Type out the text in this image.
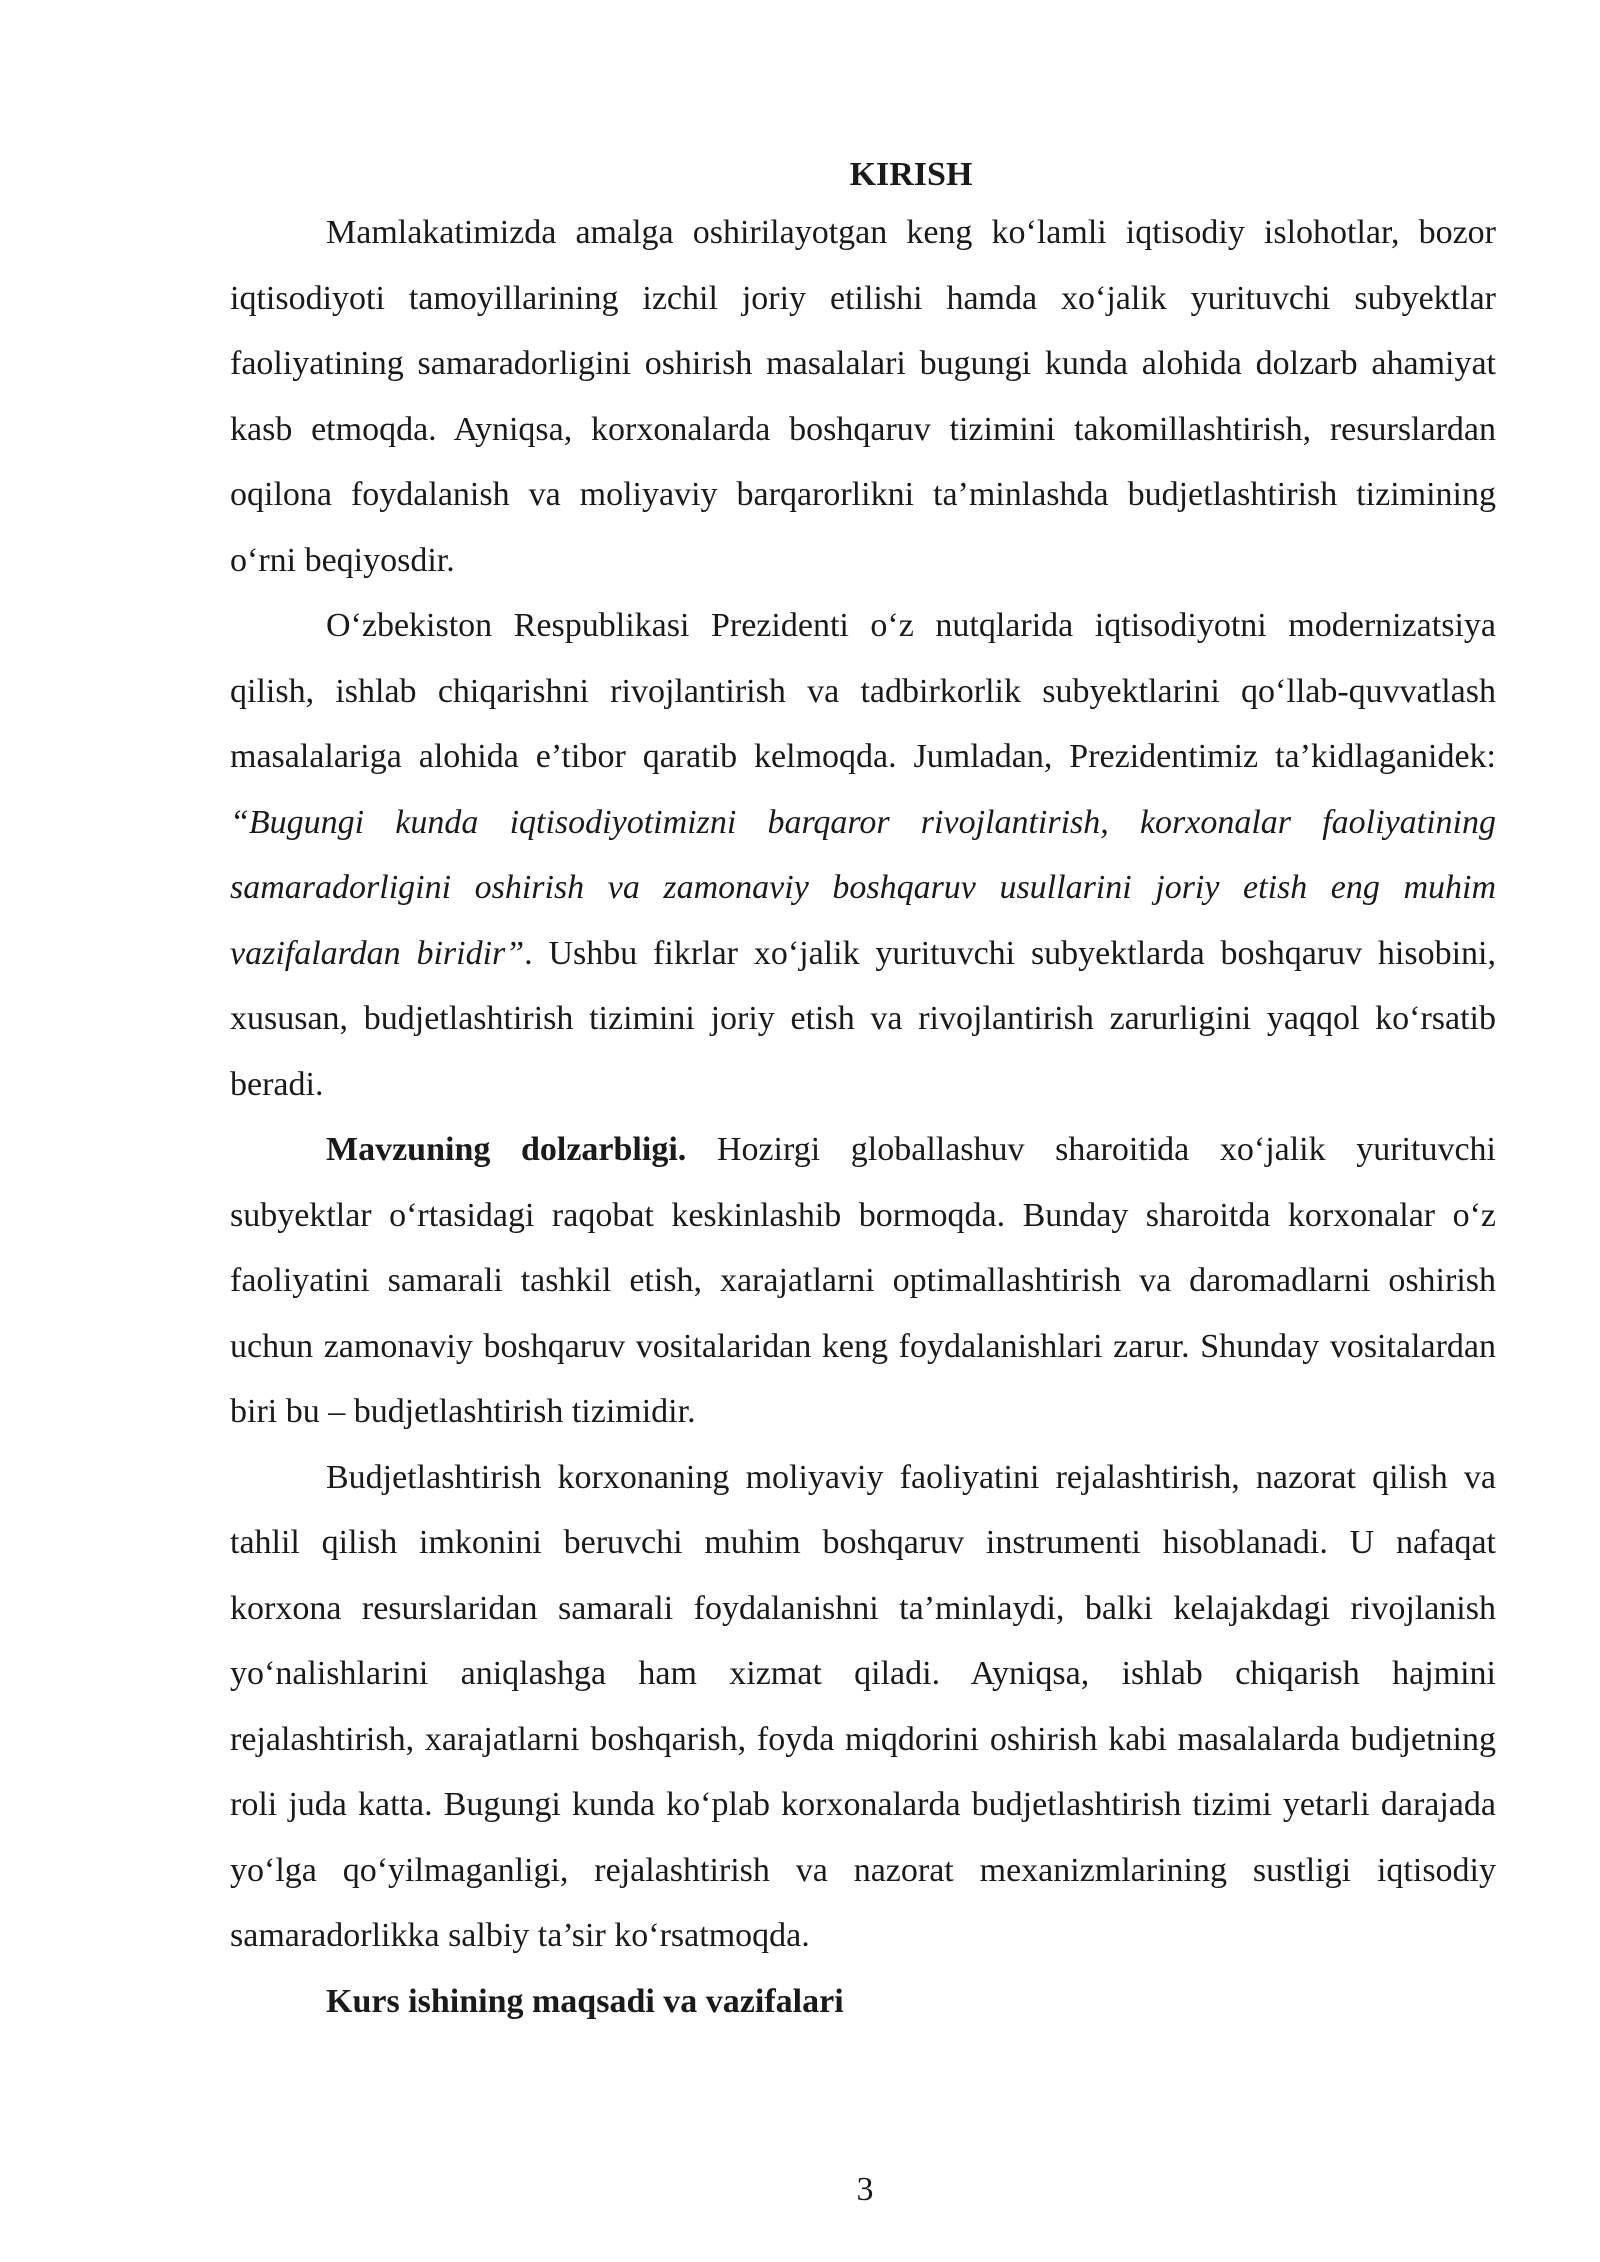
KIRISH

Mamlakatimizda amalga oshirilayotgan keng ko‘lamli iqtisodiy islohotlar, bozor iqtisodiyoti tamoyillarining izchil joriy etilishi hamda xo‘jalik yurituvchi subyektlar faoliyatining samaradorligini oshirish masalalari bugungi kunda alohida dolzarb ahamiyat kasb etmoqda. Ayniqsa, korxonalarda boshqaruv tizimini takomillashtirish, resurslardan oqilona foydalanish va moliyaviy barqarorlikni ta’minlashda budjetlashtirish tizimining o‘rni beqiyosdir.

O‘zbekiston Respublikasi Prezidenti o‘z nutqlarida iqtisodiyotni modernizatsiya qilish, ishlab chiqarishni rivojlantirish va tadbirkorlik subyektlarini qo‘llab-quvvatlash masalalariga alohida e’tibor qaratib kelmoqda. Jumladan, Prezidentimiz ta’kidlaganidek: “Bugungi kunda iqtisodiyotimizni barqaror rivojlantirish, korxonalar faoliyatining samaradorligini oshirish va zamonaviy boshqaruv usullarini joriy etish eng muhim vazifalardan biridir”. Ushbu fikrlar xo‘jalik yurituvchi subyektlarda boshqaruv hisobini, xususan, budjetlashtirish tizimini joriy etish va rivojlantirish zarurligini yaqqol ko‘rsatib beradi.

Mavzuning dolzarbligi. Hozirgi globallashuv sharoitida xo‘jalik yurituvchi subyektlar o‘rtasidagi raqobat keskinlashib bormoqda. Bunday sharoitda korxonalar o‘z faoliyatini samarali tashkil etish, xarajatlarni optimallashtirish va daromadlarni oshirish uchun zamonaviy boshqaruv vositalaridan keng foydalanishlari zarur. Shunday vositalardan biri bu – budjetlashtirish tizimidir.

Budjetlashtirish korxonaning moliyaviy faoliyatini rejalashtirish, nazorat qilish va tahlil qilish imkonini beruvchi muhim boshqaruv instrumenti hisoblanadi. U nafaqat korxona resurslaridan samarali foydalanishni ta’minlaydi, balki kelajakdagi rivojlanish yo‘nalishlarini aniqlashga ham xizmat qiladi. Ayniqsa, ishlab chiqarish hajmini rejalashtirish, xarajatlarni boshqarish, foyda miqdorini oshirish kabi masalalarda budjetning roli juda katta. Bugungi kunda ko‘plab korxonalarda budjetlashtirish tizimi yetarli darajada yo‘lga qo‘yilmaganligi, rejalashtirish va nazorat mexanizmlarining sustligi iqtisodiy samaradorlikka salbiy ta’sir ko‘rsatmoqda.

Kurs ishining maqsadi va vazifalari

3
